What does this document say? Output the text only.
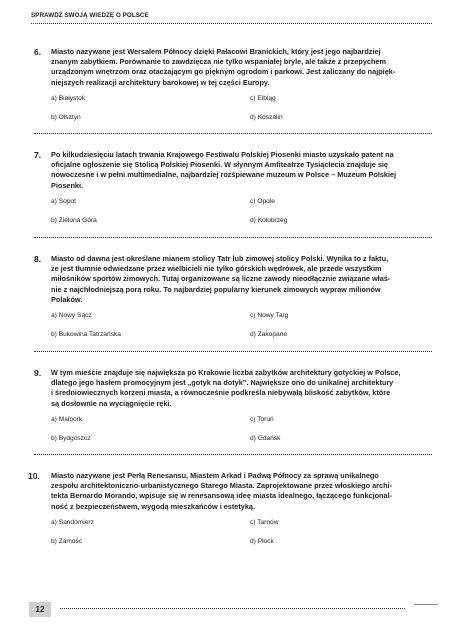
SPRAWDŹ SWOJĄ WIEDZĘ O POLSCE
6.	Miasto nazywane jest Wersalem Północy dzięki Pałacowi Branickich, który jest jego najbardziej
znanym zabytkiem. Porównanie to zawdzięcza nie tylko wspaniałej bryle, ale także z przepychem
urządzonym wnętrzom oraz otaczającym go pięknym ogrodom i parkowi. Jest zaliczany do najpięk-
niejszych realizacji architektury barokowej w tej części Europy.
a) Białystok	c) Elbląg
b) Olsztyn	d) Koszalin
7.	Po kilkudziesięciu latach trwania Krajowego Festiwalu Polskiej Piosenki miasto uzyskało patent na
oficjalne ogłoszenie się Stolicą Polskiej Piosenki. W słynnym Amfiteatrze Tysiąclecia znajduje się
nowoczesne i w pełni multimedialne, najbardziej rozśpiewane muzeum w Polsce – Muzeum Polskiej
Piosenki.
a) Sopot	c) Opole
b) Zielona Góra	d) Kołobrzeg
8.	Miasto od dawna jest określane mianem stolicy Tatr lub zimowej stolicy Polski. Wynika to z faktu,
że jest tłumnie odwiedzane przez wielbicieli nie tylko górskich wędrówek, ale przede wszystkim
miłośników sportów zimowych. Tutaj organizowane są liczne zawody nieodłącznie związane właś-
nie z najchłodniejszą porą roku. To najbardziej popularny kierunek zimowych wypraw milionów
Polaków.
a) Nowy Sącz	c) Nowy Targ
b) Bukowina Tatrzańska	d) Zakopane
9.	W tym mieście znajduje się największa po Krakowie liczba zabytków architektury gotyckiej w Polsce,
dlatego jego hasłem promocyjnym jest „gotyk na dotyk”. Największe ono do unikalnej architektury
i średniowiecznych korzeni miasta, a równocześnie podkreśla niebywałą bliskość zabytków, które
są dosłownie na wyciągnięcie ręki.
a) Malbork	c) Toruń
b) Bydgoszcz	d) Gdańsk
10.	Miasto nazywane jest Perłą Renesansu, Miastem Arkad i Padwą Północy za sprawą unikalnego
zespołu architektoniczno-urbanistycznego Starego Miasta. Zaprojektowane przez włoskiego archi-
tekta Bernardo Morando, wpisuje się w renesansową ideę miasta idealnego, łączącego funkcjonal-
ność z bezpieczeństwem, wygodą mieszkańców i estetyką.
a) Sandomierz	c) Tarnów
b) Zamość	d) Płock
12
